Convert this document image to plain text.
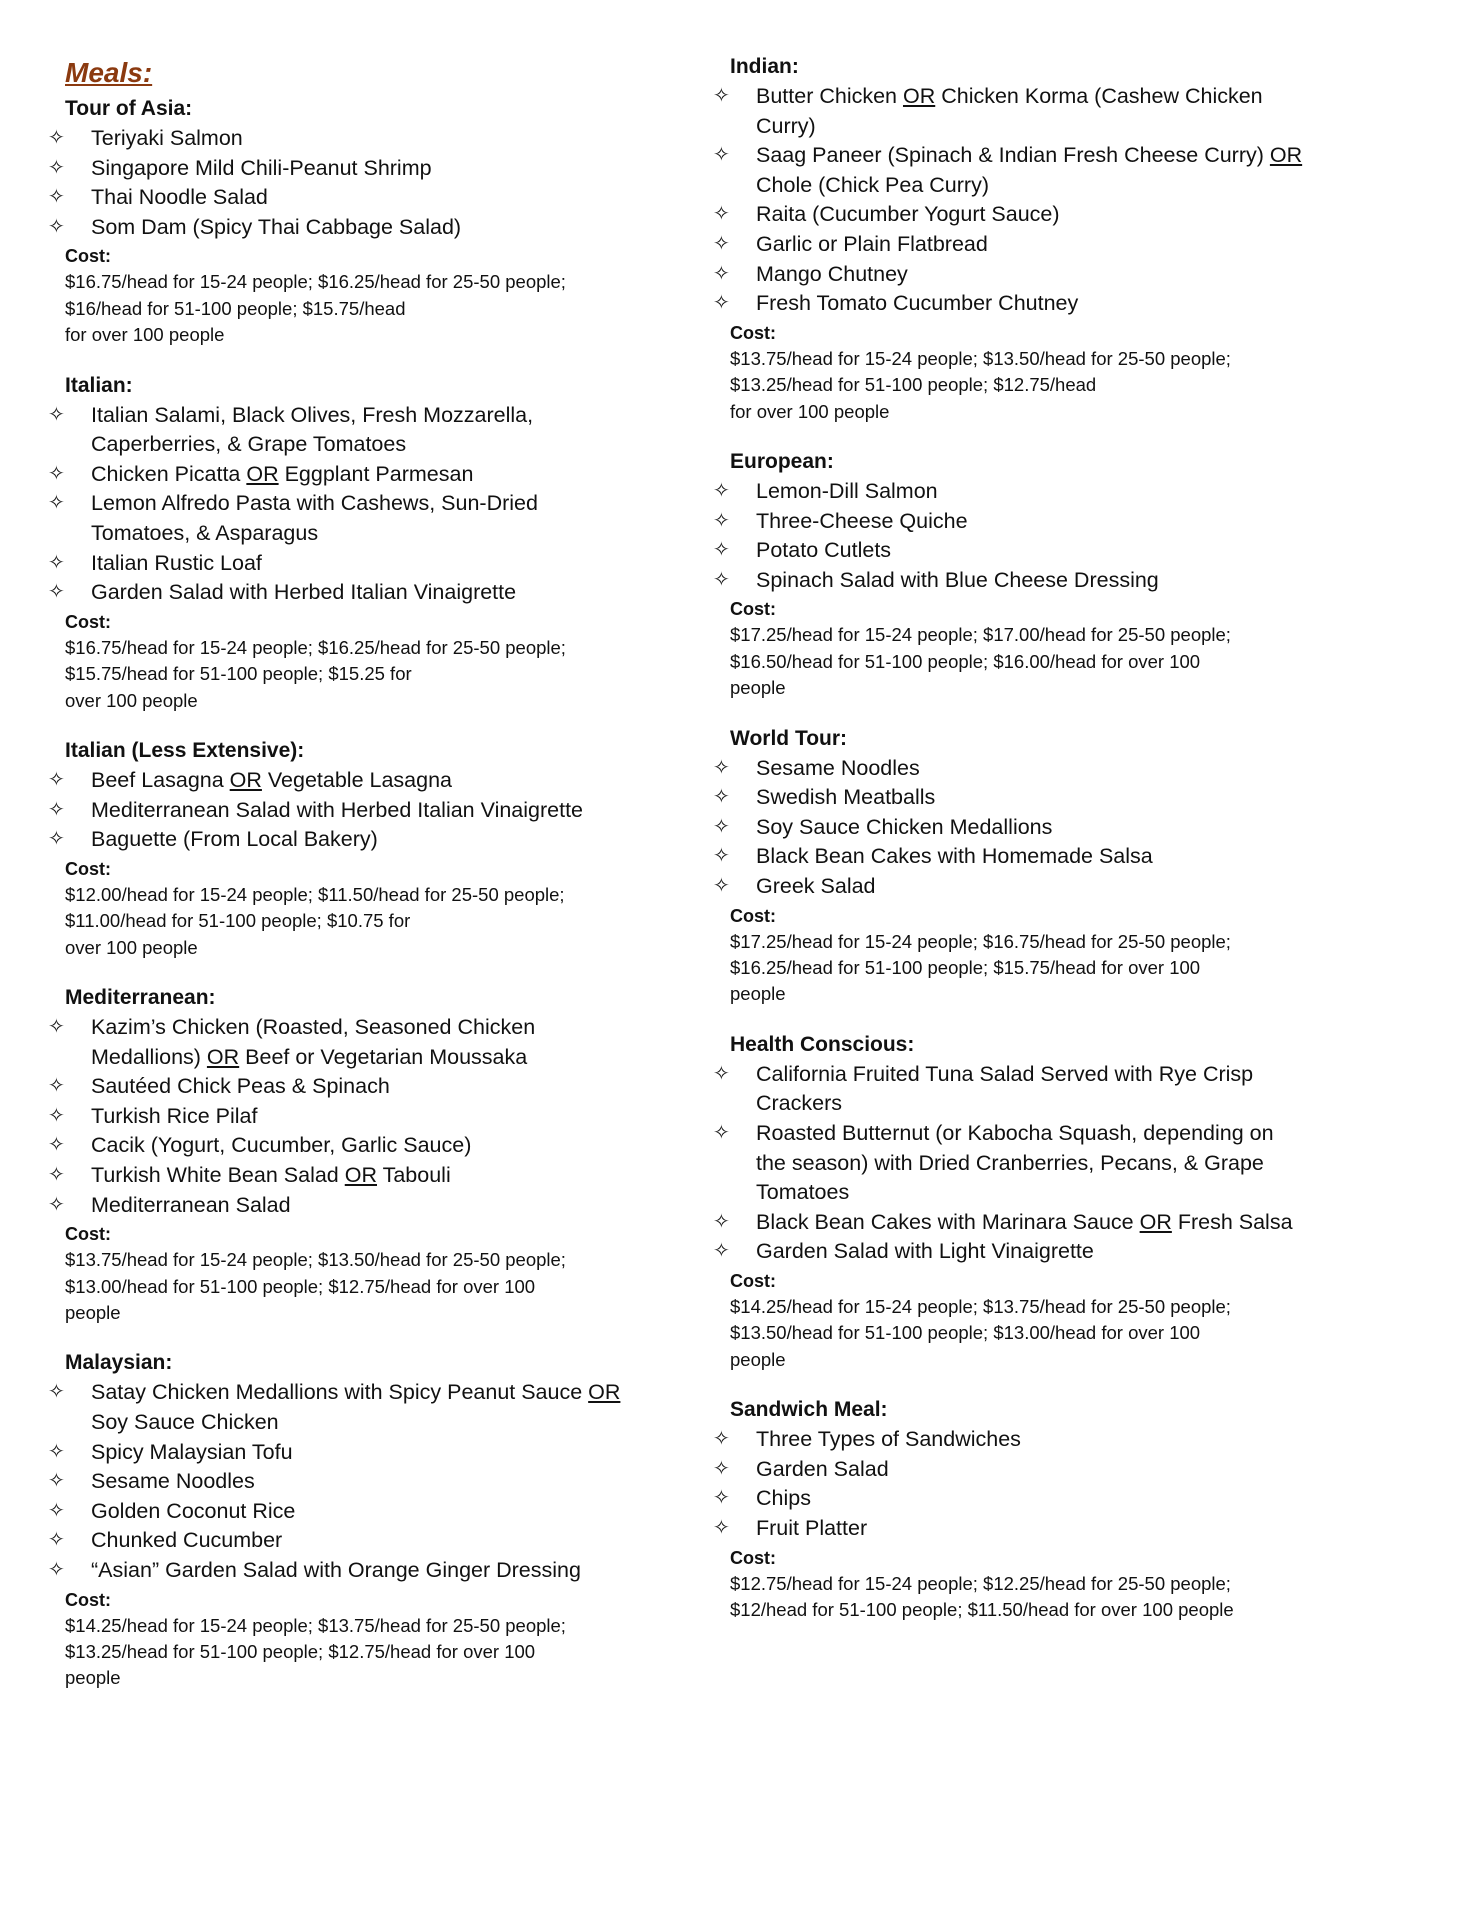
Meals:
Tour of Asia:
✧ Teriyaki Salmon
✧ Singapore Mild Chili-Peanut Shrimp
✧ Thai Noodle Salad
✧ Som Dam (Spicy Thai Cabbage Salad)
Cost:
$16.75/head for 15-24 people; $16.25/head for 25-50 people;
$16/head for 51-100 people; $15.75/head
for over 100 people
Italian:
✧ Italian Salami, Black Olives, Fresh Mozzarella,
Caperberries, & Grape Tomatoes
✧ Chicken Picatta OR Eggplant Parmesan
✧ Lemon Alfredo Pasta with Cashews, Sun-Dried
Tomatoes, & Asparagus
✧ Italian Rustic Loaf
✧ Garden Salad with Herbed Italian Vinaigrette
Cost:
$16.75/head for 15-24 people; $16.25/head for 25-50 people;
$15.75/head for 51-100 people; $15.25 for
over 100 people
Italian (Less Extensive):
✧ Beef Lasagna OR Vegetable Lasagna
✧ Mediterranean Salad with Herbed Italian Vinaigrette
✧ Baguette (From Local Bakery)
Cost:
$12.00/head for 15-24 people; $11.50/head for 25-50 people;
$11.00/head for 51-100 people; $10.75 for
over 100 people
Mediterranean:
✧ Kazim’s Chicken (Roasted, Seasoned Chicken
Medallions) OR Beef or Vegetarian Moussaka
✧ Sautéed Chick Peas & Spinach
✧ Turkish Rice Pilaf
✧ Cacik (Yogurt, Cucumber, Garlic Sauce)
✧ Turkish White Bean Salad OR Tabouli
✧ Mediterranean Salad
Cost:
$13.75/head for 15-24 people; $13.50/head for 25-50 people;
$13.00/head for 51-100 people; $12.75/head for over 100
people
Malaysian:
✧ Satay Chicken Medallions with Spicy Peanut Sauce OR
Soy Sauce Chicken
✧ Spicy Malaysian Tofu
✧ Sesame Noodles
✧ Golden Coconut Rice
✧ Chunked Cucumber
✧ “Asian” Garden Salad with Orange Ginger Dressing
Cost:
$14.25/head for 15-24 people; $13.75/head for 25-50 people;
$13.25/head for 51-100 people; $12.75/head for over 100
people
Indian:
✧ Butter Chicken OR Chicken Korma (Cashew Chicken
Curry)
✧ Saag Paneer (Spinach & Indian Fresh Cheese Curry) OR
Chole (Chick Pea Curry)
✧ Raita (Cucumber Yogurt Sauce)
✧ Garlic or Plain Flatbread
✧ Mango Chutney
✧ Fresh Tomato Cucumber Chutney
Cost:
$13.75/head for 15-24 people; $13.50/head for 25-50 people;
$13.25/head for 51-100 people; $12.75/head
for over 100 people
European:
✧ Lemon-Dill Salmon
✧ Three-Cheese Quiche
✧ Potato Cutlets
✧ Spinach Salad with Blue Cheese Dressing
Cost:
$17.25/head for 15-24 people; $17.00/head for 25-50 people;
$16.50/head for 51-100 people; $16.00/head for over 100
people
World Tour:
✧ Sesame Noodles
✧ Swedish Meatballs
✧ Soy Sauce Chicken Medallions
✧ Black Bean Cakes with Homemade Salsa
✧ Greek Salad
Cost:
$17.25/head for 15-24 people; $16.75/head for 25-50 people;
$16.25/head for 51-100 people; $15.75/head for over 100
people
Health Conscious:
✧ California Fruited Tuna Salad Served with Rye Crisp
Crackers
✧ Roasted Butternut (or Kabocha Squash, depending on
the season) with Dried Cranberries, Pecans, & Grape
Tomatoes
✧ Black Bean Cakes with Marinara Sauce OR Fresh Salsa
✧ Garden Salad with Light Vinaigrette
Cost:
$14.25/head for 15-24 people; $13.75/head for 25-50 people;
$13.50/head for 51-100 people; $13.00/head for over 100
people
Sandwich Meal:
✧ Three Types of Sandwiches
✧ Garden Salad
✧ Chips
✧ Fruit Platter
Cost:
$12.75/head for 15-24 people; $12.25/head for 25-50 people;
$12/head for 51-100 people; $11.50/head for over 100 people
